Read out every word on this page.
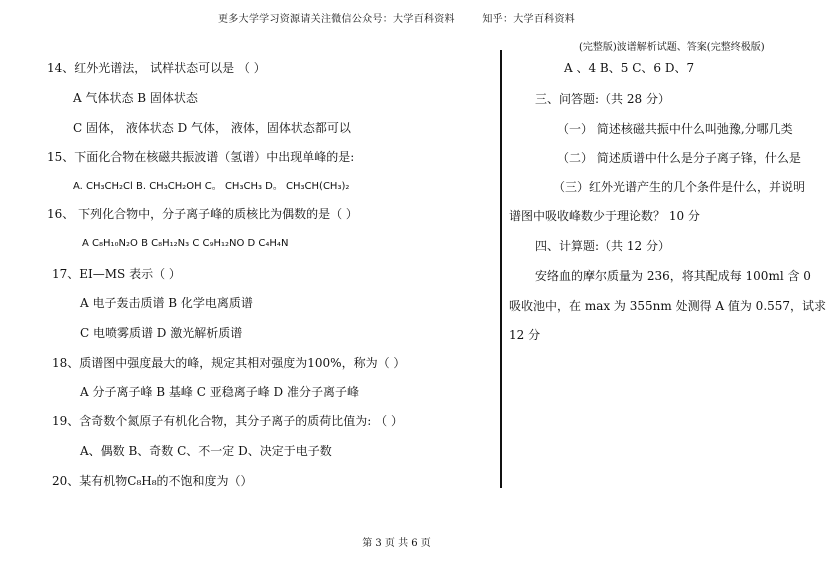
更多大学学习资源请关注微信公众号：大学百科资料	知乎：大学百科资料
14、红外光谱法， 试样状态可以是 （ ）
A 气体状态 B 固体状态
C 固体， 液体状态 D 气体， 液体，固体状态都可以
15、下面化合物在核磁共振波谱（氢谱）中出现单峰的是:
A. CH₃CH₂Cl B. CH₃CH₂OH C。 CH₃CH₃ D。 CH₃CH(CH₃)₂
16、 下列化合物中，分子离子峰的质核比为偶数的是（ ）
A C₈H₁₀N₂O B C₈H₁₂N₃ C C₉H₁₂NO D C₄H₄N
17、EI—MS 表示（ ）
A 电子轰击质谱 B 化学电离质谱
C 电喷雾质谱 D 激光解析质谱
18、质谱图中强度最大的峰，规定其相对强度为100%，称为（ ）
A 分子离子峰 B 基峰 C 亚稳离子峰 D 准分子离子峰
19、含奇数个氮原子有机化合物，其分子离子的质荷比值为: （ ）
A、偶数 B、奇数 C、不一定 D、决定于电子数
20、某有机物C₈H₈的不饱和度为（）
(完整版)波谱解析试题、答案(完整终极版)
A 、4 B、5 C、6 D、7
三、问答题:（共 28 分）
（一） 简述核磁共振中什么叫弛豫,分哪几类
（二） 简述质谱中什么是分子离子锋，什么是
（三）红外光谱产生的几个条件是什么，并说明
谱图中吸收峰数少于理论数？ 10 分
四、计算题:（共 12 分）
安络血的摩尔质量为 236，将其配成每 100ml 含 0
吸收池中，在 max 为 355nm 处测得 A 值为 0.557，试求
12 分
第 3 页 共 6 页
